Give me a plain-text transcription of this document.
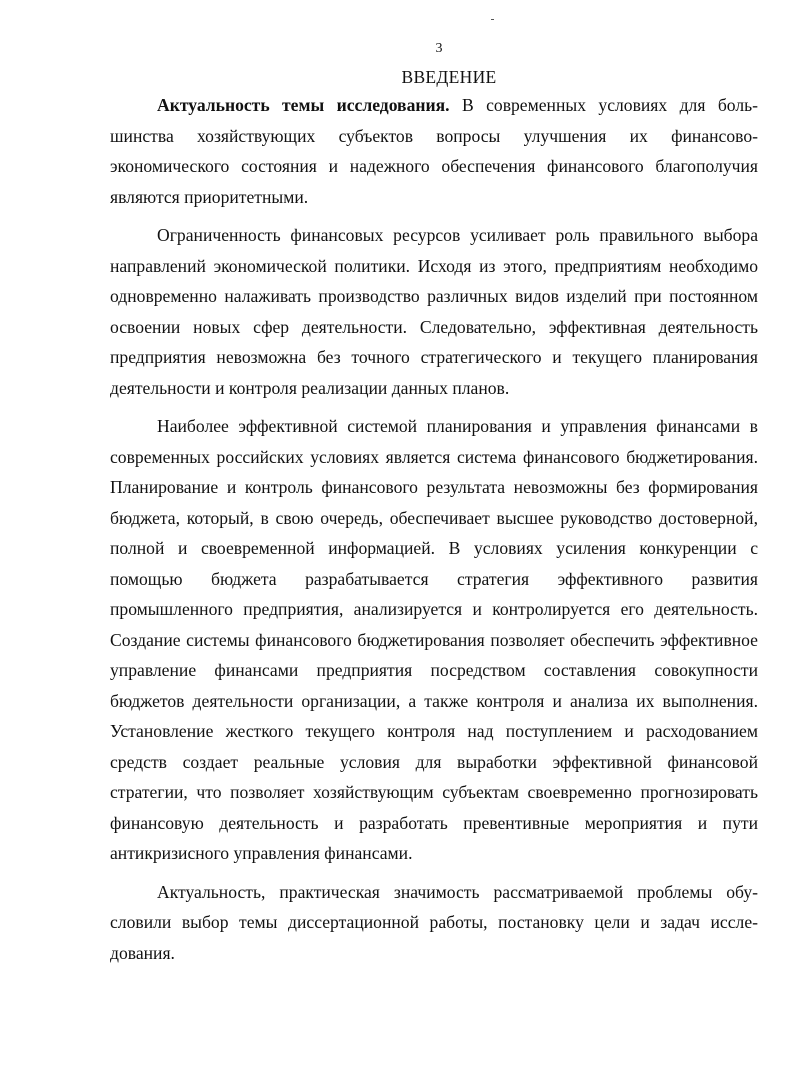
3
ВВЕДЕНИЕ

Актуальность темы исследования. В современных условиях для большинства хозяйствующих субъектов вопросы улучшения их финансово-экономического состояния и надежного обеспечения финансового благополучия являются приоритетными.

Ограниченность финансовых ресурсов усиливает роль правильного выбора направлений экономической политики. Исходя из этого, предприятиям необходимо одновременно налаживать производство различных видов изделий при постоянном освоении новых сфер деятельности. Следовательно, эффективная деятельность предприятия невозможна без точного стратегического и текущего планирования деятельности и контроля реализации данных планов.

Наиболее эффективной системой планирования и управления финансами в современных российских условиях является система финансового бюджетирования. Планирование и контроль финансового результата невозможны без формирования бюджета, который, в свою очередь, обеспечивает высшее руководство достоверной, полной и своевременной информацией. В условиях усиления конкуренции с помощью бюджета разрабатывается стратегия эффективного развития промышленного предприятия, анализируется и контролируется его деятельность. Создание системы финансового бюджетирования позволяет обеспечить эффективное управление финансами предприятия посредством составления совокупности бюджетов деятельности организации, а также контроля и анализа их выполнения. Установление жесткого текущего контроля над поступлением и расходованием средств создает реальные условия для выработки эффективной финансовой стратегии, что позволяет хозяйствующим субъектам своевременно прогнозировать финансовую деятельность и разработать превентивные мероприятия и пути антикризисного управления финансами.

Актуальность, практическая значимость рассматриваемой проблемы обусловили выбор темы диссертационной работы, постановку цели и задач исследования.
